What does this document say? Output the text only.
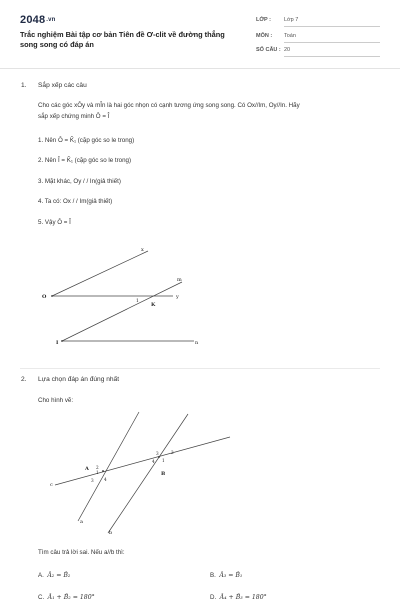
2048.vn
Trắc nghiệm Bài tập cơ bản Tiên đề Ơ-clit về đường thẳng song song có đáp án
LỚP : Lớp 7
MÔN : Toán
SỐ CÂU : 20
1. Sắp xếp các câu
Cho các góc xÔy và mÎn là hai góc nhọn có cạnh tương ứng song song. Có Ox//Im, Oy//In. Hãy
sắp xếp chứng minh Ô = Î
1. Nên Ô = K̂₁ (cặp góc so le trong)
2. Nên Î = K̂₁ (cặp góc so le trong)
3. Mặt khác, Oy / / In(giả thiết)
4. Ta có: Ox / / Im(giả thiết)
5. Vậy Ô = Î
x
m
y
O
1
K
I	n
2. Lựa chọn đáp án đúng nhất
Cho hình vẽ:
A
B
c
a
b
2
1
3 4
3	2
4 1
Tìm câu trả lời sai. Nếu a//b thì:
A. Â₂ = B̂₂	B. Â₃ = B̂₁
C. Â₁ + B̂₂ = 180°	D. Â₄ + B̂₃ = 180°
